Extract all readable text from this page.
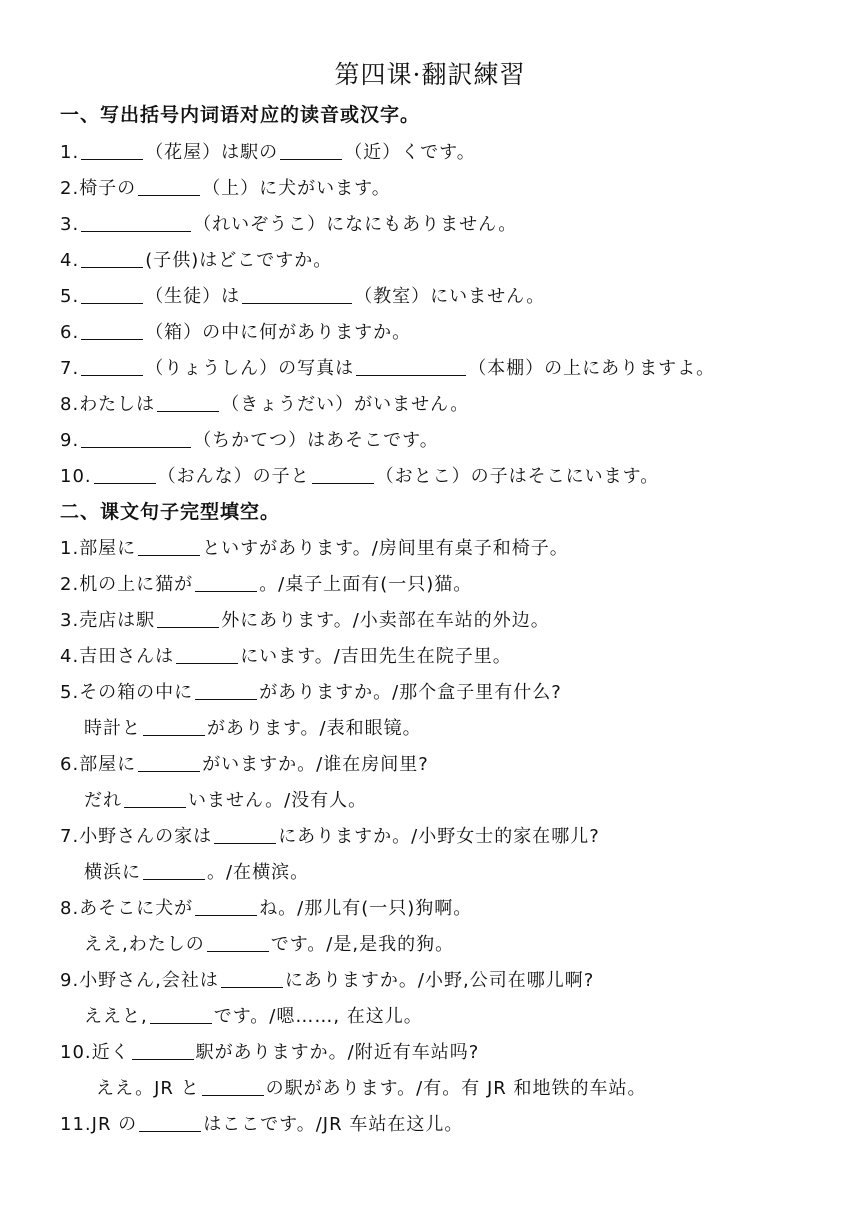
第四课·翻訳練習
一、写出括号内词语对应的读音或汉字。
1.	（花屋）は駅の	（近）くです。
2.椅子の	（上）に犬がいます。
3.	（れいぞうこ）になにもありません。
4.	(子供)はどこですか。
5.	（生徒）は	（教室）にいません。
6.	（箱）の中に何がありますか。
7.	（りょうしん）の写真は	（本棚）の上にありますよ。
8.わたしは	（きょうだい）がいません。
9.	（ちかてつ）はあそこです。
10.	（おんな）の子と	（おとこ）の子はそこにいます。
二、课文句子完型填空。
1.部屋に	といすがあります。/房间里有桌子和椅子。
2.机の上に猫が	。/桌子上面有(一只)猫。
3.売店は駅	外にあります。/小卖部在车站的外边。
4.吉田さんは	にいます。/吉田先生在院子里。
5.その箱の中に	がありますか。/那个盒子里有什么?
時計と	があります。/表和眼镜。
6.部屋に	がいますか。/谁在房间里?
だれ	いません。/没有人。
7.小野さんの家は	にありますか。/小野女士的家在哪儿?
横浜に	。/在横滨。
8.あそこに犬が	ね。/那儿有(一只)狗啊。
ええ,わたしの	です。/是,是我的狗。
9.小野さん,会社は	にありますか。/小野,公司在哪儿啊?
ええと,	です。/嗯……, 在这儿。
10.近く	駅がありますか。/附近有车站吗?
ええ。JR と	の駅があります。/有。有 JR 和地铁的车站。
11.JR の	はここです。/JR 车站在这儿。
